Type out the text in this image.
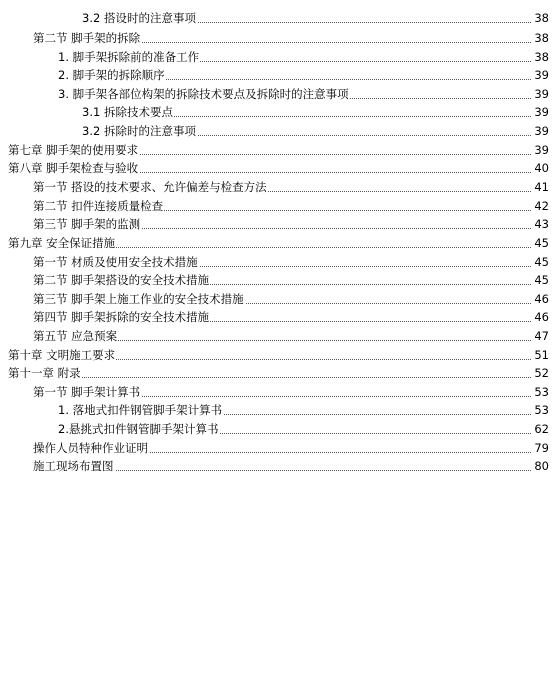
3.2 搭设时的注意事项	38
第二节 脚手架的拆除	38
1. 脚手架拆除前的准备工作	38
2. 脚手架的拆除顺序	39
3. 脚手架各部位构架的拆除技术要点及拆除时的注意事项	39
3.1 拆除技术要点	39
3.2 拆除时的注意事项	39
第七章 脚手架的使用要求	39
第八章 脚手架检查与验收	40
第一节 搭设的技术要求、允许偏差与检查方法	41
第二节 扣件连接质量检查	42
第三节 脚手架的监测	43
第九章 安全保证措施	45
第一节 材质及使用安全技术措施	45
第二节 脚手架搭设的安全技术措施	45
第三节 脚手架上施工作业的安全技术措施	46
第四节 脚手架拆除的安全技术措施	46
第五节 应急预案	47
第十章 文明施工要求	51
第十一章 附录	52
第一节 脚手架计算书	53
1. 落地式扣件钢管脚手架计算书	53
2.悬挑式扣件钢管脚手架计算书	62
操作人员特种作业证明	79
施工现场布置图	80
